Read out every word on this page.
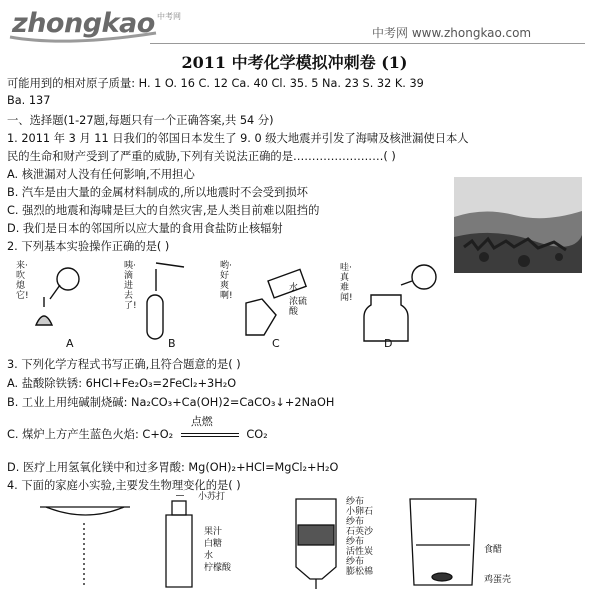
zhongkao 中考网
中考网 www.zhongkao.com
2011 中考化学模拟冲刺卷 (1)
可能用到的相对原子质量: H. 1 O. 16 C. 12 Ca. 40 Cl. 35. 5 Na. 23 S. 32 K. 39
Ba. 137
一、选择题(1-27题,每题只有一个正确答案,共 54 分)
1. 2011 年 3 月 11 日我们的邻国日本发生了 9. 0 级大地震并引发了海啸及核泄漏使日本人
民的生命和财产受到了严重的威胁,下列有关说法正确的是……………………( )
A. 核泄漏对人没有任何影响,不用担心
B. 汽车是由大量的金属材料制成的,所以地震时不会受到损坏
C. 强烈的地震和海啸是巨大的自然灾害,是人类目前难以阻挡的
D. 我们是日本的邻国所以应大量的食用食盐防止核辐射
2. 下列基本实验操作正确的是( )
来·吹熄它!
咦·滴进去了!
哟·好爽啊!
水
浓硫酸
哇·真难闻!
A	B	C	D
3. 下列化学方程式书写正确,且符合题意的是( )
A. 盐酸除铁锈: 6HCl+Fe₂O₃=2FeCl₂+3H₂O
B. 工业上用纯碱制烧碱: Na₂CO₃+Ca(OH)2=CaCO₃↓+2NaOH
C. 煤炉上方产生蓝色火焰: C+O₂
点燃
CO₂
D. 医疗上用氢氧化镁中和过多胃酸: Mg(OH)₂+HCl=MgCl₂+H₂O
4. 下面的家庭小实验,主要发生物理变化的是( )
小苏打
果汁
白糖
水
柠檬酸
纱布
小卵石
纱布
石英沙
纱布
活性炭
纱布
膨松棉
食醋
鸡蛋壳
